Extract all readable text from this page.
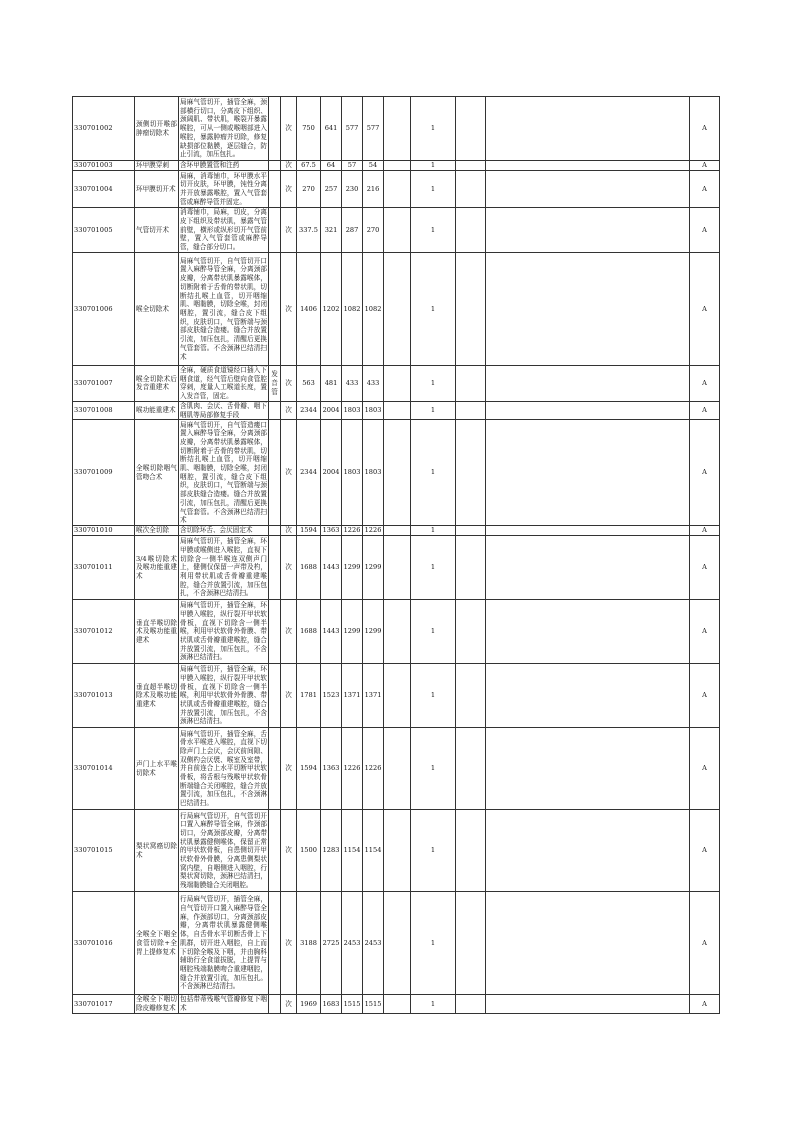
330701002	颈侧切开喉部肿瘤切除术	局麻气管切开，插管全麻，颈部横行切口，分离皮下组织、颈阔肌、带状肌，喉裂开暴露喉腔，可从一侧或喉咽部进入喉腔，暴露肿瘤并切除，修复缺损部位黏膜，逐层缝合，防止引流，加压包扎。		次	750	641	577	577		1			A
330701003	环甲膜穿刺	含环甲膜置管和注药		次	67.5	64	57	54		1			A
330701004	环甲膜切开术	局麻，消毒铺巾，环甲膜水平切开皮肤，环甲膜，钝性分离并开放暴露喉腔，置入气管套管或麻醉导管并固定。		次	270	257	230	216		1			A
330701005	气管切开术	消毒铺巾，局麻，切皮，分离皮下组织及带状肌，暴露气管前壁，横形或纵形切开气管前壁，置入气管套管或麻醉导管，缝合部分切口。		次	337.5	321	287	270		1			A
330701006	喉全切除术	局麻气管切开，自气管切开口置入麻醉导管全麻，分离颈部皮瓣，分离带状肌暴露喉体，切断附着于舌骨的带状肌，切断结扎喉上血管，切开咽缩肌、咽黏膜，切除全喉，封闭咽腔，置引流，缝合皮下组织，皮肤切口，气管断端与颈部皮肤缝合造瘘。缝合并放置引流，加压包扎，清醒后更换气管套管。不含颈淋巴结清扫术		次	1406	1202	1082	1082		1			A
330701007	喉全切除术后发音重建术	全麻，硬质食道镜经口插入下咽食道，经气管后壁向食管腔穿刺，度量人工喉道长度，置入发音管，固定。	发音管	次	563	481	433	433		1			A
330701008	喉功能重建术	含肌肉、会厌、舌骨瓣、咽下咽肌等局部修复手段		次	2344	2004	1803	1803		1			A
330701009	全喉切除咽气管吻合术	局麻气管切开，自气管造瘘口置入麻醉导管全麻，分离颈部皮瓣，分离带状肌暴露喉体，切断附着于舌骨的带状肌，切断结扎喉上血管，切开咽缩肌、咽黏膜，切除全喉，封闭咽腔，置引流，缝合皮下组织，皮肤切口，气管断端与颈部皮肤缝合造瘘。缝合并放置引流，加压包扎，清醒后更换气管套管。不含颈淋巴结清扫术		次	2344	2004	1803	1803		1			A
330701010	喉次全切除	含切除环舌、会厌固定术		次	1594	1363	1226	1226		1			A
330701011	3/4喉切除术及喉功能重建术	局麻气管切开，插管全麻，环甲膜或喉侧进入喉腔，直视下切除含一侧半喉连双侧声门上，健侧仅保留一声带及杓，利用带状肌或舌骨瓣重建喉腔，缝合并放置引流，加压包扎，不含颈淋巴结清扫。		次	1688	1443	1299	1299		1			A
330701012	垂直半喉切除术及喉功能重建术	局麻气管切开，插管全麻，环甲膜入喉腔，纵行裂开甲状软骨板，直视下切除含一侧半喉，利用甲状软骨外骨膜、带状肌或舌骨瓣重建喉腔，缝合并放置引流，加压包扎，不含颈淋巴结清扫。		次	1688	1443	1299	1299		1			A
330701013	垂直超半喉切除术及喉功能重建术	局麻气管切开，插管全麻，环甲膜入喉腔，纵行裂开甲状软骨板，直视下切除含一侧半喉，利用甲状软骨外骨膜、带状肌或舌骨瓣重建喉腔，缝合并放置引流，加压包扎，不含颈淋巴结清扫。		次	1781	1523	1371	1371		1			A
330701014	声门上水平喉切除术	局麻气管切开，插管全麻，舌骨水平喉进入喉腔，直视下切除声门上会厌，会厌前间隙、双侧杓会厌襞、喉室及室带，并自前连合上水平切断甲状软骨板，将舌根与残喉甲状软骨断端缝合关闭喉腔，缝合并放置引流，加压包扎，不含颈淋巴结清扫。		次	1594	1363	1226	1226		1			A
330701015	梨状窝癌切除术	行局麻气管切开，自气管切开口置入麻醉导管全麻，作颈部切口，分离颈部皮瓣，分离带状肌暴露健侧喉体，保留正常的甲状软骨板，自患侧切开甲状软骨外骨膜，分离患侧梨状窝内壁，自咽侧进入咽腔，行梨状窝切除，颈淋巴结清扫，残端黏膜缝合关闭咽腔。		次	1500	1283	1154	1154		1			A
330701016	全喉全下咽全食管切除+全胃上提修复术	行局麻气管切开，插管全麻，自气管切开口置入麻醉导管全麻，作颈部切口，分离颈部皮瓣，分离带状肌暴露健侧喉体，自舌骨水平切断舌骨上下肌群，切开进入咽腔，自上而下切除全喉及下咽，并由胸科辅助行全食道拔脱，上提胃与咽腔残端黏膜吻合重建咽腔，缝合并放置引流，加压包扎。不含颈淋巴结清扫。		次	3188	2725	2453	2453		1			A
330701017	全喉全下咽切除皮瓣修复术	包括带蒂残喉气管瓣修复下咽术		次	1969	1683	1515	1515		1			A
